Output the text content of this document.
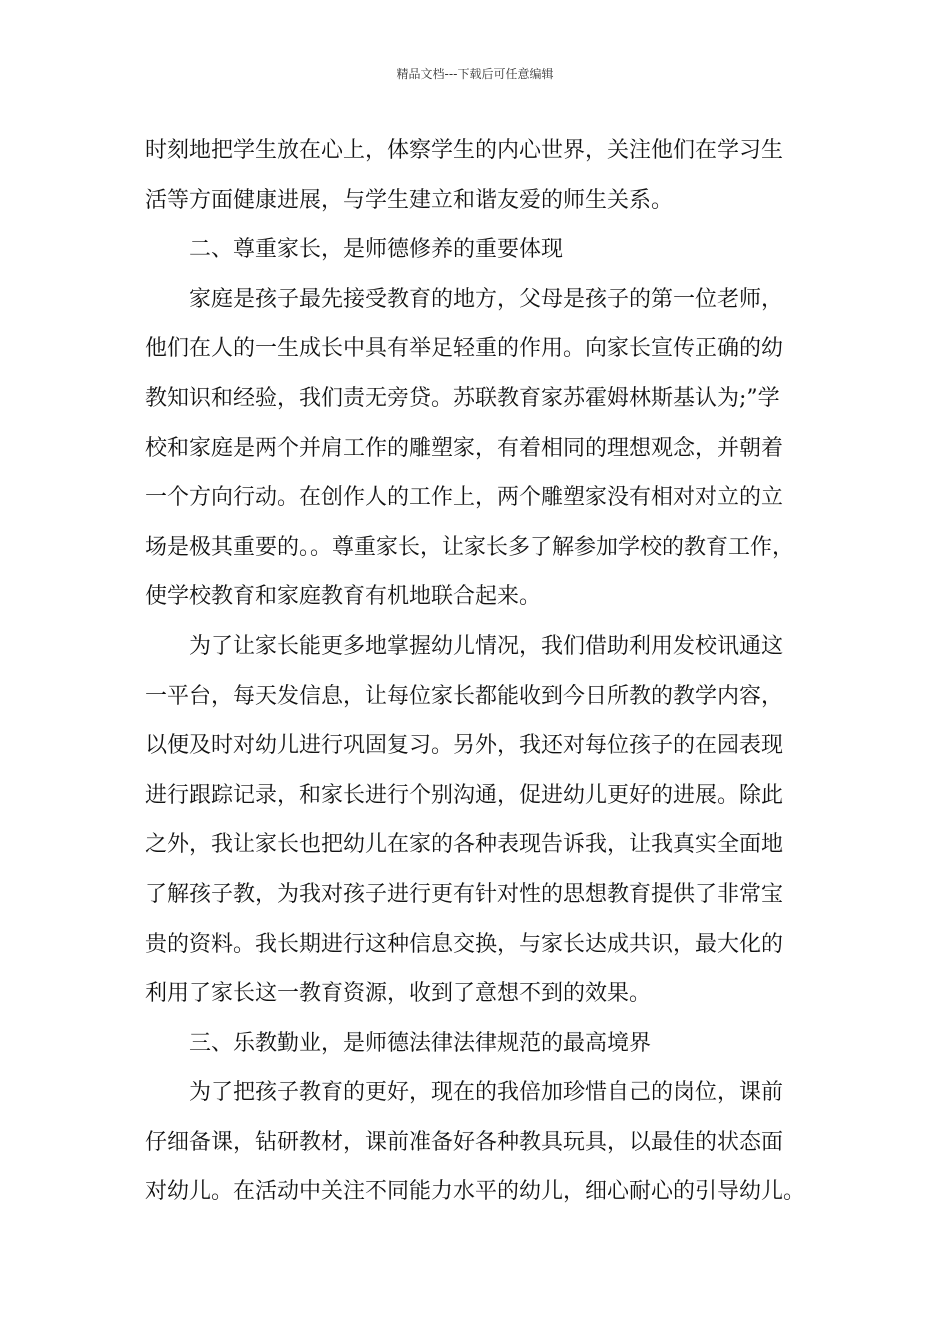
精品文档---下载后可任意编辑
时刻地把学生放在心上，体察学生的内心世界，关注他们在学习生
活等方面健康进展，与学生建立和谐友爱的师生关系。
二、尊重家长，是师德修养的重要体现
家庭是孩子最先接受教育的地方，父母是孩子的第一位老师，
他们在人的一生成长中具有举足轻重的作用。向家长宣传正确的幼
教知识和经验，我们责无旁贷。苏联教育家苏霍姆林斯基认为;”学
校和家庭是两个并肩工作的雕塑家，有着相同的理想观念，并朝着
一个方向行动。在创作人的工作上，两个雕塑家没有相对对立的立
场是极其重要的。。尊重家长，让家长多了解参加学校的教育工作，
使学校教育和家庭教育有机地联合起来。
为了让家长能更多地掌握幼儿情况，我们借助利用发校讯通这
一平台，每天发信息，让每位家长都能收到今日所教的教学内容，
以便及时对幼儿进行巩固复习。另外，我还对每位孩子的在园表现
进行跟踪记录，和家长进行个别沟通，促进幼儿更好的进展。除此
之外，我让家长也把幼儿在家的各种表现告诉我，让我真实全面地
了解孩子教，为我对孩子进行更有针对性的思想教育提供了非常宝
贵的资料。我长期进行这种信息交换，与家长达成共识，最大化的
利用了家长这一教育资源，收到了意想不到的效果。
三、乐教勤业，是师德法律法律规范的最高境界
为了把孩子教育的更好，现在的我倍加珍惜自己的岗位，课前
仔细备课，钻研教材，课前准备好各种教具玩具，以最佳的状态面
对幼儿。在活动中关注不同能力水平的幼儿，细心耐心的引导幼儿。
